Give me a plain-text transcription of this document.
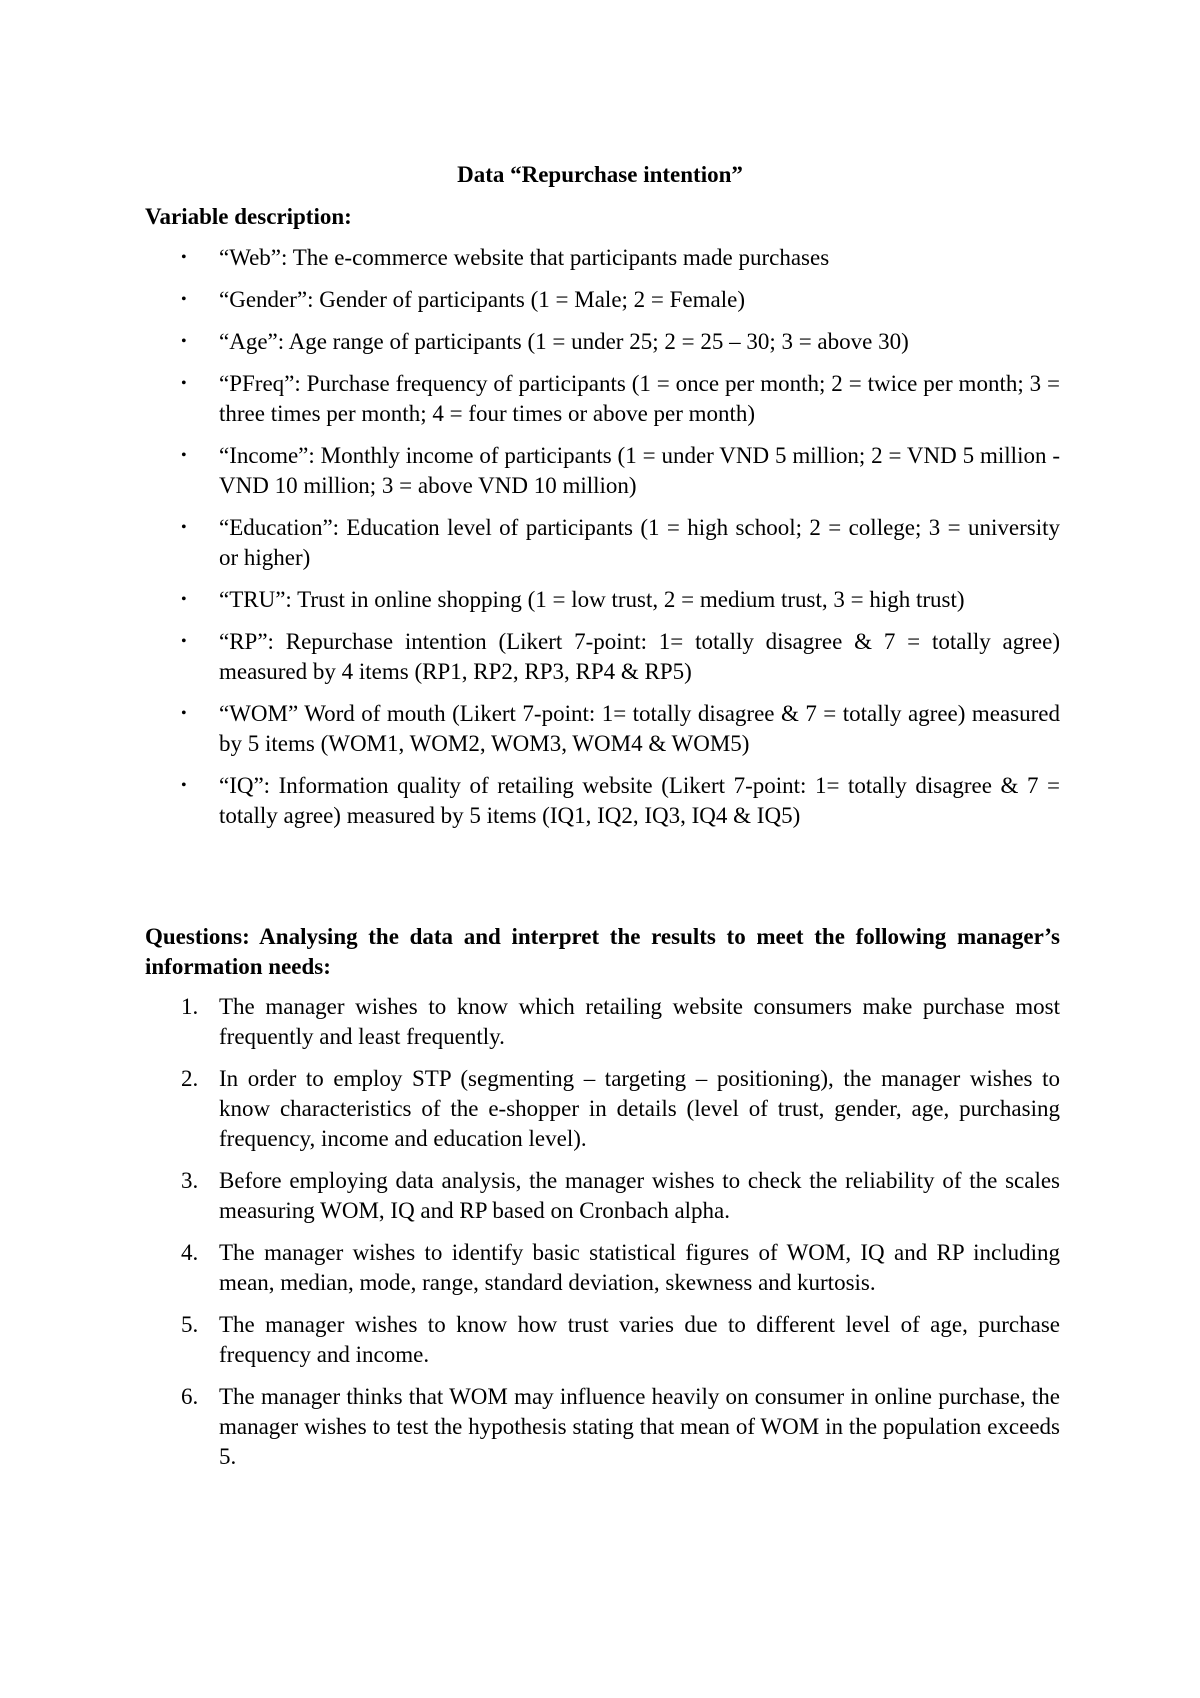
Data “Repurchase intention”
Variable description:
• “Web”: The e-commerce website that participants made purchases
• “Gender”: Gender of participants (1 = Male; 2 = Female)
• “Age”: Age range of participants (1 = under 25; 2 = 25 – 30; 3 = above 30)
• “PFreq”: Purchase frequency of participants (1 = once per month; 2 = twice per month; 3 = three times per month; 4 = four times or above per month)
• “Income”: Monthly income of participants (1 = under VND 5 million; 2 = VND 5 million - VND 10 million; 3 = above VND 10 million)
• “Education”: Education level of participants (1 = high school; 2 = college; 3 = university or higher)
• “TRU”: Trust in online shopping (1 = low trust, 2 = medium trust, 3 = high trust)
• “RP”: Repurchase intention (Likert 7-point: 1= totally disagree & 7 = totally agree) measured by 4 items (RP1, RP2, RP3, RP4 & RP5)
• “WOM” Word of mouth (Likert 7-point: 1= totally disagree & 7 = totally agree) measured by 5 items (WOM1, WOM2, WOM3, WOM4 & WOM5)
• “IQ”: Information quality of retailing website (Likert 7-point: 1= totally disagree & 7 = totally agree) measured by 5 items (IQ1, IQ2, IQ3, IQ4 & IQ5)
Questions: Analysing the data and interpret the results to meet the following manager’s information needs:
1. The manager wishes to know which retailing website consumers make purchase most frequently and least frequently.
2. In order to employ STP (segmenting – targeting – positioning), the manager wishes to know characteristics of the e-shopper in details (level of trust, gender, age, purchasing frequency, income and education level).
3. Before employing data analysis, the manager wishes to check the reliability of the scales measuring WOM, IQ and RP based on Cronbach alpha.
4. The manager wishes to identify basic statistical figures of WOM, IQ and RP including mean, median, mode, range, standard deviation, skewness and kurtosis.
5. The manager wishes to know how trust varies due to different level of age, purchase frequency and income.
6. The manager thinks that WOM may influence heavily on consumer in online purchase, the manager wishes to test the hypothesis stating that mean of WOM in the population exceeds 5.
